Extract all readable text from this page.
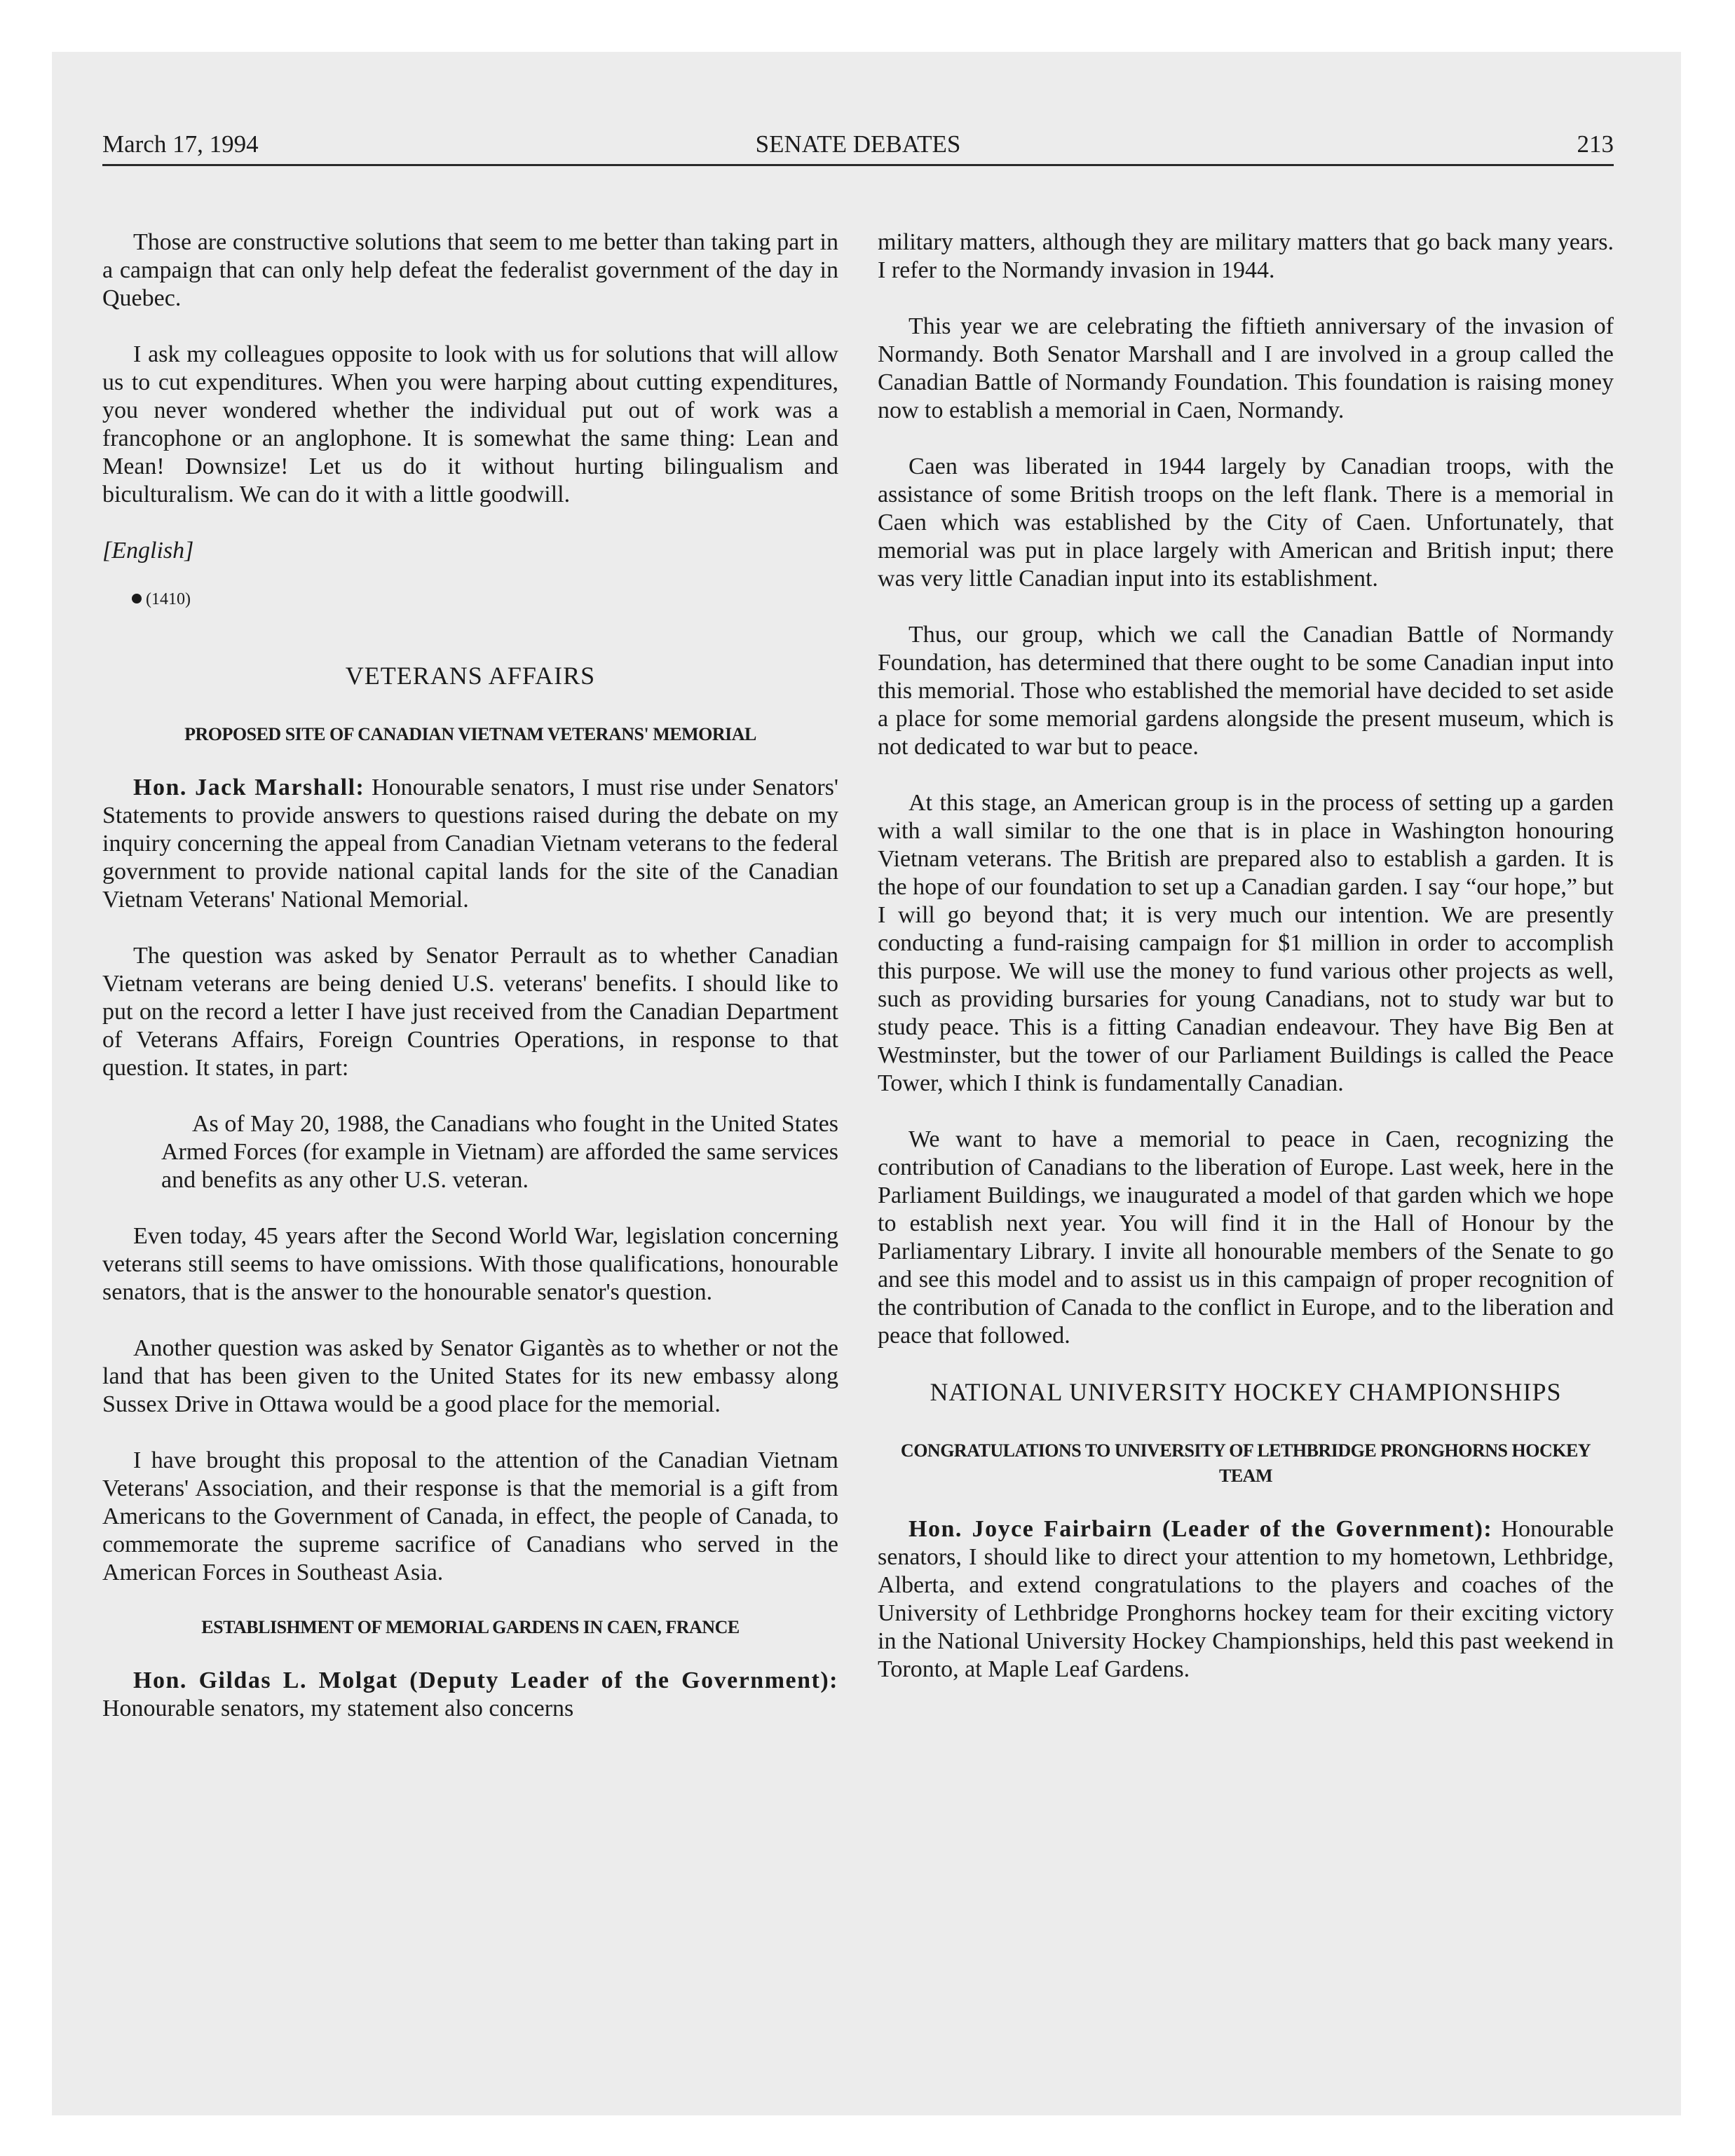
March 17, 1994	SENATE DEBATES	213

Those are constructive solutions that seem to me better than taking part in a campaign that can only help defeat the federalist government of the day in Quebec.

I ask my colleagues opposite to look with us for solutions that will allow us to cut expenditures. When you were harping about cutting expenditures, you never wondered whether the individual put out of work was a francophone or an anglophone. It is somewhat the same thing: Lean and Mean! Downsize! Let us do it without hurting bilingualism and biculturalism. We can do it with a little goodwill.

[English]
(1410)
VETERANS AFFAIRS
PROPOSED SITE OF CANADIAN VIETNAM VETERANS' MEMORIAL

Hon. Jack Marshall: Honourable senators, I must rise under Senators' Statements to provide answers to questions raised during the debate on my inquiry concerning the appeal from Canadian Vietnam veterans to the federal government to provide national capital lands for the site of the Canadian Vietnam Veterans' National Memorial.

The question was asked by Senator Perrault as to whether Canadian Vietnam veterans are being denied U.S. veterans' benefits. I should like to put on the record a letter I have just received from the Canadian Department of Veterans Affairs, Foreign Countries Operations, in response to that question. It states, in part:

As of May 20, 1988, the Canadians who fought in the United States Armed Forces (for example in Vietnam) are afforded the same services and benefits as any other U.S. veteran.

Even today, 45 years after the Second World War, legislation concerning veterans still seems to have omissions. With those qualifications, honourable senators, that is the answer to the honourable senator's question.

Another question was asked by Senator Gigantès as to whether or not the land that has been given to the United States for its new embassy along Sussex Drive in Ottawa would be a good place for the memorial.

I have brought this proposal to the attention of the Canadian Vietnam Veterans' Association, and their response is that the memorial is a gift from Americans to the Government of Canada, in effect, the people of Canada, to commemorate the supreme sacrifice of Canadians who served in the American Forces in Southeast Asia.

ESTABLISHMENT OF MEMORIAL GARDENS IN CAEN, FRANCE

Hon. Gildas L. Molgat (Deputy Leader of the Government): Honourable senators, my statement also concerns

military matters, although they are military matters that go back many years. I refer to the Normandy invasion in 1944.

This year we are celebrating the fiftieth anniversary of the invasion of Normandy. Both Senator Marshall and I are involved in a group called the Canadian Battle of Normandy Foundation. This foundation is raising money now to establish a memorial in Caen, Normandy.

Caen was liberated in 1944 largely by Canadian troops, with the assistance of some British troops on the left flank. There is a memorial in Caen which was established by the City of Caen. Unfortunately, that memorial was put in place largely with American and British input; there was very little Canadian input into its establishment.

Thus, our group, which we call the Canadian Battle of Normandy Foundation, has determined that there ought to be some Canadian input into this memorial. Those who established the memorial have decided to set aside a place for some memorial gardens alongside the present museum, which is not dedicated to war but to peace.

At this stage, an American group is in the process of setting up a garden with a wall similar to the one that is in place in Washington honouring Vietnam veterans. The British are prepared also to establish a garden. It is the hope of our foundation to set up a Canadian garden. I say “our hope,” but I will go beyond that; it is very much our intention. We are presently conducting a fund-raising campaign for $1 million in order to accomplish this purpose. We will use the money to fund various other projects as well, such as providing bursaries for young Canadians, not to study war but to study peace. This is a fitting Canadian endeavour. They have Big Ben at Westminster, but the tower of our Parliament Buildings is called the Peace Tower, which I think is fundamentally Canadian.

We want to have a memorial to peace in Caen, recognizing the contribution of Canadians to the liberation of Europe. Last week, here in the Parliament Buildings, we inaugurated a model of that garden which we hope to establish next year. You will find it in the Hall of Honour by the Parliamentary Library. I invite all honourable members of the Senate to go and see this model and to assist us in this campaign of proper recognition of the contribution of Canada to the conflict in Europe, and to the liberation and peace that followed.

NATIONAL UNIVERSITY HOCKEY CHAMPIONSHIPS
CONGRATULATIONS TO UNIVERSITY OF LETHBRIDGE PRONGHORNS HOCKEY TEAM

Hon. Joyce Fairbairn (Leader of the Government): Honourable senators, I should like to direct your attention to my hometown, Lethbridge, Alberta, and extend congratulations to the players and coaches of the University of Lethbridge Pronghorns hockey team for their exciting victory in the National University Hockey Championships, held this past weekend in Toronto, at Maple Leaf Gardens.
